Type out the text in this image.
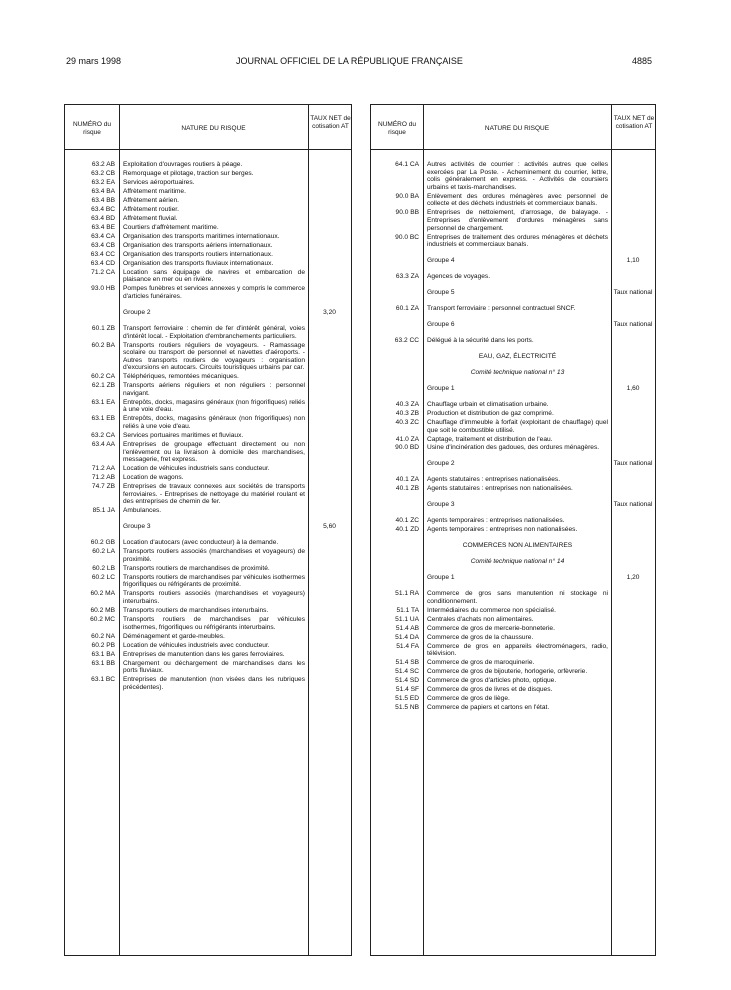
29 mars 1998	JOURNAL OFFICIEL DE LA RÉPUBLIQUE FRANÇAISE	4885
NUMÉRO du risque
NATURE DU RISQUE
TAUX NET de cotisation AT
63.2 AB	Exploitation d'ouvrages routiers à péage.
63.2 CB	Remorquage et pilotage, traction sur berges.
63.2 EA	Services aéroportuaires.
63.4 BA	Affrètement maritime.
63.4 BB	Affrètement aérien.
63.4 BC	Affrètement routier.
63.4 BD	Affrètement fluvial.
63.4 BE	Courtiers d'affrètement maritime.
63.4 CA	Organisation des transports maritimes internationaux.
63.4 CB	Organisation des transports aériens internationaux.
63.4 CC	Organisation des transports routiers internationaux.
63.4 CD	Organisation des transports fluviaux internationaux.
71.2 CA	Location sans équipage de navires et embarcation de plaisance en mer ou en rivière.
93.0 HB	Pompes funèbres et services annexes y compris le commerce d'articles funéraires.
Groupe 2	3,20
60.1 ZB	Transport ferroviaire : chemin de fer d'intérêt général, voies d'intérêt local. - Exploitation d'embranchements particuliers.
60.2 BA	Transports routiers réguliers de voyageurs. - Ramassage scolaire ou transport de personnel et navettes d'aéroports. - Autres transports routiers de voyageurs : organisation d'excursions en autocars. Circuits touristiques urbains par car.
60.2 CA	Téléphériques, remontées mécaniques.
62.1 ZB	Transports aériens réguliers et non réguliers : personnel navigant.
63.1 EA	Entrepôts, docks, magasins généraux (non frigorifiques) reliés à une voie d'eau.
63.1 EB	Entrepôts, docks, magasins généraux (non frigorifiques) non reliés à une voie d'eau.
63.2 CA	Services portuaires maritimes et fluviaux.
63.4 AA	Entreprises de groupage effectuant directement ou non l'enlèvement ou la livraison à domicile des marchandises, messagerie, fret express.
71.2 AA	Location de véhicules industriels sans conducteur.
71.2 AB	Location de wagons.
74.7 ZB	Entreprises de travaux connexes aux sociétés de transports ferroviaires. - Entreprises de nettoyage du matériel roulant et des entreprises de chemin de fer.
85.1 JA	Ambulances.
Groupe 3	5,60
60.2 GB	Location d'autocars (avec conducteur) à la demande.
60.2 LA	Transports routiers associés (marchandises et voyageurs) de proximité.
60.2 LB	Transports routiers de marchandises de proximité.
60.2 LC	Transports routiers de marchandises par véhicules isothermes frigorifiques ou réfrigérants de proximité.
60.2 MA	Transports routiers associés (marchandises et voyageurs) interurbains.
60.2 MB	Transports routiers de marchandises interurbains.
60.2 MC	Transports routiers de marchandises par véhicules isothermes, frigorifiques ou réfrigérants interurbains.
60.2 NA	Déménagement et garde-meubles.
60.2 PB	Location de véhicules industriels avec conducteur.
63.1 BA	Entreprises de manutention dans les gares ferroviaires.
63.1 BB	Chargement ou déchargement de marchandises dans les ports fluviaux.
63.1 BC	Entreprises de manutention (non visées dans les rubriques précédentes).
NUMÉRO du risque
NATURE DU RISQUE
TAUX NET de cotisation AT
64.1 CA	Autres activités de courrier : activités autres que celles exercées par La Poste. - Acheminement du courrier, lettre, colis généralement en express. - Activités de coursiers urbains et taxis-marchandises.
90.0 BA	Enlèvement des ordures ménagères avec personnel de collecte et des déchets industriels et commerciaux banals.
90.0 BB	Entreprises de nettoiement, d'arrosage, de balayage. - Entreprises d'enlèvement d'ordures ménagères sans personnel de chargement.
90.0 BC	Entreprises de traitement des ordures ménagères et déchets industriels et commerciaux banals.
Groupe 4	1,10
63.3 ZA	Agences de voyages.
Groupe 5	Taux national
60.1 ZA	Transport ferroviaire : personnel contractuel SNCF.
Groupe 6	Taux national
63.2 CC	Délégué à la sécurité dans les ports.
EAU, GAZ, ÉLECTRICITÉ
Comité technique national n° 13
Groupe 1	1,60
40.3 ZA	Chauffage urbain et climatisation urbaine.
40.3 ZB	Production et distribution de gaz comprimé.
40.3 ZC	Chauffage d'immeuble à forfait (exploitant de chauffage) quel que soit le combustible utilisé.
41.0 ZA	Captage, traitement et distribution de l'eau.
90.0 BD	Usine d'incinération des gadoues, des ordures ménagères.
Groupe 2	Taux national
40.1 ZA	Agents statutaires : entreprises nationalisées.
40.1 ZB	Agents statutaires : entreprises non nationalisées.
Groupe 3	Taux national
40.1 ZC	Agents temporaires : entreprises nationalisées.
40.1 ZD	Agents temporaires : entreprises non nationalisées.
COMMERCES NON ALIMENTAIRES
Comité technique national n° 14
Groupe 1	1,20
51.1 RA	Commerce de gros sans manutention ni stockage ni conditionnement.
51.1 TA	Intermédiaires du commerce non spécialisé.
51.1 UA	Centrales d'achats non alimentaires.
51.4 AB	Commerce de gros de mercerie-bonneterie.
51.4 DA	Commerce de gros de la chaussure.
51.4 FA	Commerce de gros en appareils électroménagers, radio, télévision.
51.4 SB	Commerce de gros de maroquinerie.
51.4 SC	Commerce de gros de bijouterie, horlogerie, orfèvrerie.
51.4 SD	Commerce de gros d'articles photo, optique.
51.4 SF	Commerce de gros de livres et de disques.
51.5 ED	Commerce de gros de liège.
51.5 NB	Commerce de papiers et cartons en l'état.
